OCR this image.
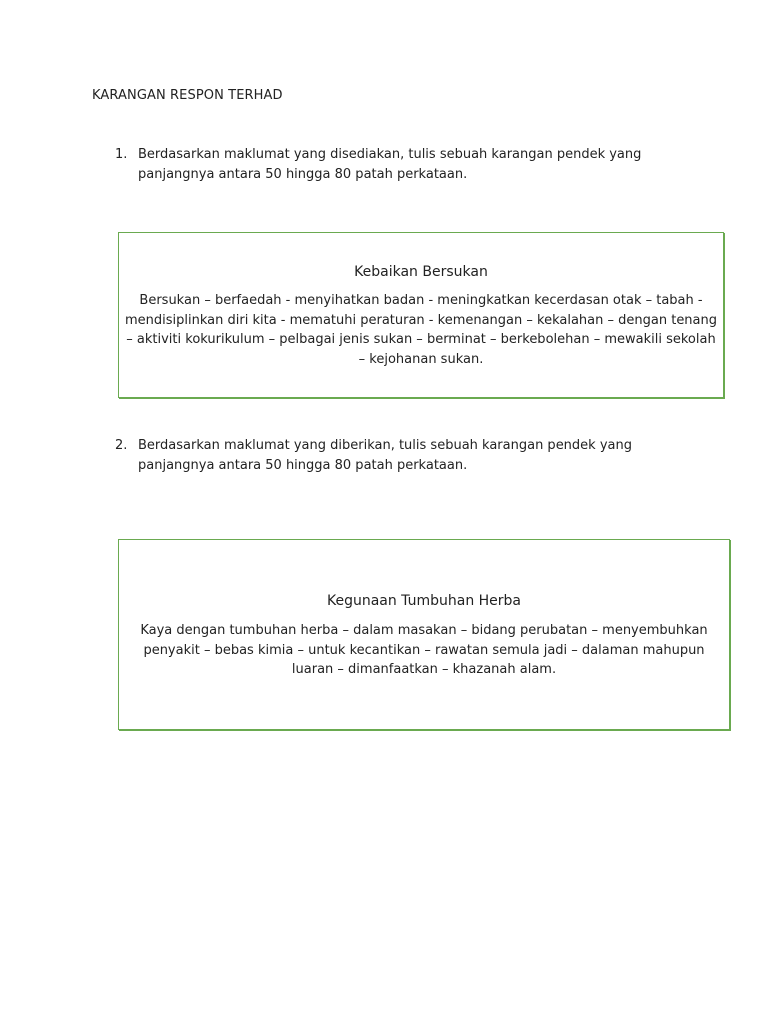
KARANGAN RESPON TERHAD
1. Berdasarkan maklumat yang disediakan, tulis sebuah karangan pendek yang panjangnya antara 50 hingga 80 patah perkataan.
Kebaikan Bersukan
Bersukan – berfaedah - menyihatkan badan - meningkatkan kecerdasan otak – tabah - mendisiplinkan diri kita - mematuhi peraturan - kemenangan – kekalahan – dengan tenang – aktiviti kokurikulum – pelbagai jenis sukan – berminat – berkebolehan – mewakili sekolah – kejohanan sukan.
2. Berdasarkan maklumat yang diberikan, tulis sebuah karangan pendek yang panjangnya antara 50 hingga 80 patah perkataan.
Kegunaan Tumbuhan Herba
Kaya dengan tumbuhan herba – dalam masakan – bidang perubatan – menyembuhkan penyakit – bebas kimia – untuk kecantikan – rawatan semula jadi – dalaman mahupun luaran – dimanfaatkan – khazanah alam.
